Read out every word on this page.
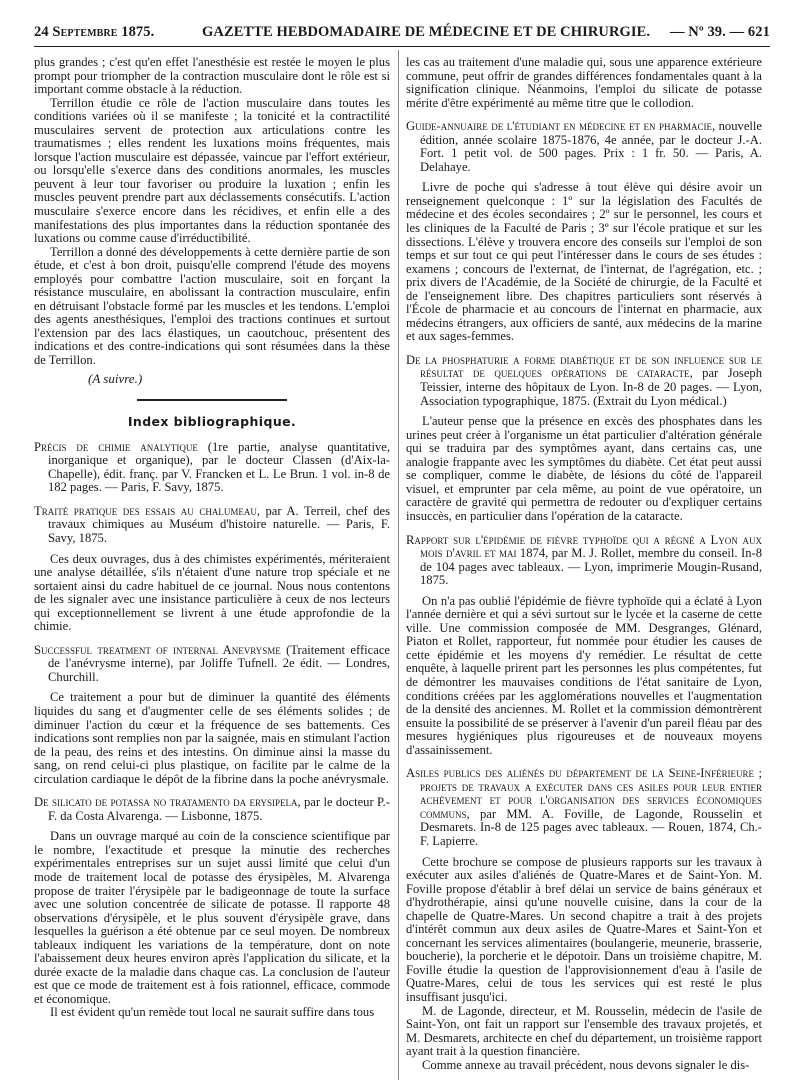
24 Septembre 1875.	GAZETTE HEBDOMADAIRE DE MÉDECINE ET DE CHIRURGIE. — Nº 39. — 621

plus grandes ; c'est qu'en effet l'anesthésie est restée le moyen le plus prompt pour triompher de la contraction musculaire dont le rôle est si important comme obstacle à la réduction.

Terrillon étudie ce rôle de l'action musculaire dans toutes les conditions variées où il se manifeste ; la tonicité et la contractilité musculaires servent de protection aux articulations contre les traumatismes ; elles rendent les luxations moins fréquentes, mais lorsque l'action musculaire est dépassée, vaincue par l'effort extérieur, ou lorsqu'elle s'exerce dans des conditions anormales, les muscles peuvent à leur tour favoriser ou produire la luxation ; enfin les muscles peuvent prendre part aux déclassements consécutifs. L'action musculaire s'exerce encore dans les récidives, et enfin elle a des manifestations des plus importantes dans la réduction spontanée des luxations ou comme cause d'irréductibilité.

Terrillon a donné des développements à cette dernière partie de son étude, et c'est à bon droit, puisqu'elle comprend l'étude des moyens employés pour combattre l'action musculaire, soit en forçant la résistance musculaire, en abolissant la contraction musculaire, enfin en détruisant l'obstacle formé par les muscles et les tendons. L'emploi des agents anesthésiques, l'emploi des tractions continues et surtout l'extension par des lacs élastiques, un caoutchouc, présentent des indications et des contre-indications qui sont résumées dans la thèse de Terrillon.

(A suivre.)

Index bibliographique.

Précis de chimie analytique (1re partie, analyse quantitative, inorganique et organique), par le docteur Classen (d'Aix-la-Chapelle), édit. franç. par V. Francken et L. Le Brun. 1 vol. in-8 de 182 pages. — Paris, F. Savy, 1875.

Traité pratique des essais au chalumeau, par A. Terreil, chef des travaux chimiques au Muséum d'histoire naturelle. — Paris, F. Savy, 1875.

Ces deux ouvrages, dus à des chimistes expérimentés, mériteraient une analyse détaillée, s'ils n'étaient d'une nature trop spéciale et ne sortaient ainsi du cadre habituel de ce journal. Nous nous contentons de les signaler avec une insistance particulière à ceux de nos lecteurs qui exceptionnellement se livrent à une étude approfondie de la chimie.

Successful treatment of internal Anevrysme (Traitement efficace de l'anévrysme interne), par Joliffe Tufnell. 2e édit. — Londres, Churchill.

Ce traitement a pour but de diminuer la quantité des éléments liquides du sang et d'augmenter celle de ses éléments solides ; de diminuer l'action du cœur et la fréquence de ses battements. Ces indications sont remplies non par la saignée, mais en stimulant l'action de la peau, des reins et des intestins. On diminue ainsi la masse du sang, on rend celui-ci plus plastique, on facilite par le calme de la circulation cardiaque le dépôt de la fibrine dans la poche anévrysmale.

De silicato de potassa no tratamento da erysipela, par le docteur P.-F. da Costa Alvarenga. — Lisbonne, 1875.

Dans un ouvrage marqué au coin de la conscience scientifique par le nombre, l'exactitude et presque la minutie des recherches expérimentales entreprises sur un sujet aussi limité que celui d'un mode de traitement local de potasse des érysipèles, M. Alvarenga propose de traiter l'érysipèle par le badigeonnage de toute la surface avec une solution concentrée de silicate de potasse. Il rapporte 48 observations d'érysipèle, et le plus souvent d'érysipèle grave, dans lesquelles la guérison a été obtenue par ce seul moyen. De nombreux tableaux indiquent les variations de la température, dont on note l'abaissement deux heures environ après l'application du silicate, et la durée exacte de la maladie dans chaque cas. La conclusion de l'auteur est que ce mode de traitement est à fois rationnel, efficace, commode et économique.

Il est évident qu'un remède tout local ne saurait suffire dans tous

les cas au traitement d'une maladie qui, sous une apparence extérieure commune, peut offrir de grandes différences fondamentales quant à la signification clinique. Néanmoins, l'emploi du silicate de potasse mérite d'être expérimenté au même titre que le collodion.

Guide-annuaire de l'étudiant en médecine et en pharmacie, nouvelle édition, année scolaire 1875-1876, 4e année, par le docteur J.-A. Fort. 1 petit vol. de 500 pages. Prix : 1 fr. 50. — Paris, A. Delahaye.

Livre de poche qui s'adresse à tout élève qui désire avoir un renseignement quelconque : 1º sur la législation des Facultés de médecine et des écoles secondaires ; 2º sur le personnel, les cours et les cliniques de la Faculté de Paris ; 3º sur l'école pratique et sur les dissections. L'élève y trouvera encore des conseils sur l'emploi de son temps et sur tout ce qui peut l'intéresser dans le cours de ses études : examens ; concours de l'externat, de l'internat, de l'agrégation, etc. ; prix divers de l'Académie, de la Société de chirurgie, de la Faculté et de l'enseignement libre. Des chapitres particuliers sont réservés à l'École de pharmacie et au concours de l'internat en pharmacie, aux médecins étrangers, aux officiers de santé, aux médecins de la marine et aux sages-femmes.

De la phosphaturie a forme diabétique et de son influence sur le résultat de quelques opérations de cataracte, par Joseph Teissier, interne des hôpitaux de Lyon. In-8 de 20 pages. — Lyon, Association typographique, 1875. (Extrait du Lyon médical.)

L'auteur pense que la présence en excès des phosphates dans les urines peut créer à l'organisme un état particulier d'altération générale qui se traduira par des symptômes ayant, dans certains cas, une analogie frappante avec les symptômes du diabète. Cet état peut aussi se compliquer, comme le diabète, de lésions du côté de l'appareil visuel, et emprunter par cela même, au point de vue opératoire, un caractère de gravité qui permettra de redouter ou d'expliquer certains insuccès, en particulier dans l'opération de la cataracte.

Rapport sur l'épidémie de fièvre typhoïde qui a régné a Lyon aux mois d'avril et mai 1874, par M. J. Rollet, membre du conseil. In-8 de 104 pages avec tableaux. — Lyon, imprimerie Mougin-Rusand, 1875.

On n'a pas oublié l'épidémie de fièvre typhoïde qui a éclaté à Lyon l'année dernière et qui a sévi surtout sur le lycée et la caserne de cette ville. Une commission composée de MM. Desgranges, Glénard, Piaton et Rollet, rapporteur, fut nommée pour étudier les causes de cette épidémie et les moyens d'y remédier. Le résultat de cette enquête, à laquelle prirent part les personnes les plus compétentes, fut de démontrer les mauvaises conditions de l'état sanitaire de Lyon, conditions créées par les agglomérations nouvelles et l'augmentation de la densité des anciennes. M. Rollet et la commission démontrèrent ensuite la possibilité de se préserver à l'avenir d'un pareil fléau par des mesures hygiéniques plus rigoureuses et de nouveaux moyens d'assainissement.

Asiles publics des aliénés du département de la Seine-Inférieure ; projets de travaux a exécuter dans ces asiles pour leur entier achèvement et pour l'organisation des services économiques communs, par MM. A. Foville, de Lagonde, Rousselin et Desmarets. In-8 de 125 pages avec tableaux. — Rouen, 1874, Ch.-F. Lapierre.

Cette brochure se compose de plusieurs rapports sur les travaux à exécuter aux asiles d'aliénés de Quatre-Mares et de Saint-Yon. M. Foville propose d'établir à bref délai un service de bains généraux et d'hydrothérapie, ainsi qu'une nouvelle cuisine, dans la cour de la chapelle de Quatre-Mares. Un second chapitre a trait à des projets d'intérêt commun aux deux asiles de Quatre-Mares et Saint-Yon et concernant les services alimentaires (boulangerie, meunerie, brasserie, boucherie), la porcherie et le dépotoir. Dans un troisième chapitre, M. Foville étudie la question de l'approvisionnement d'eau à l'asile de Quatre-Mares, celui de tous les services qui est resté le plus insuffisant jusqu'ici.

M. de Lagonde, directeur, et M. Rousselin, médecin de l'asile de Saint-Yon, ont fait un rapport sur l'ensemble des travaux projetés, et M. Desmarets, architecte en chef du département, un troisième rapport ayant trait à la question financière.

Comme annexe au travail précédent, nous devons signaler le dis-
